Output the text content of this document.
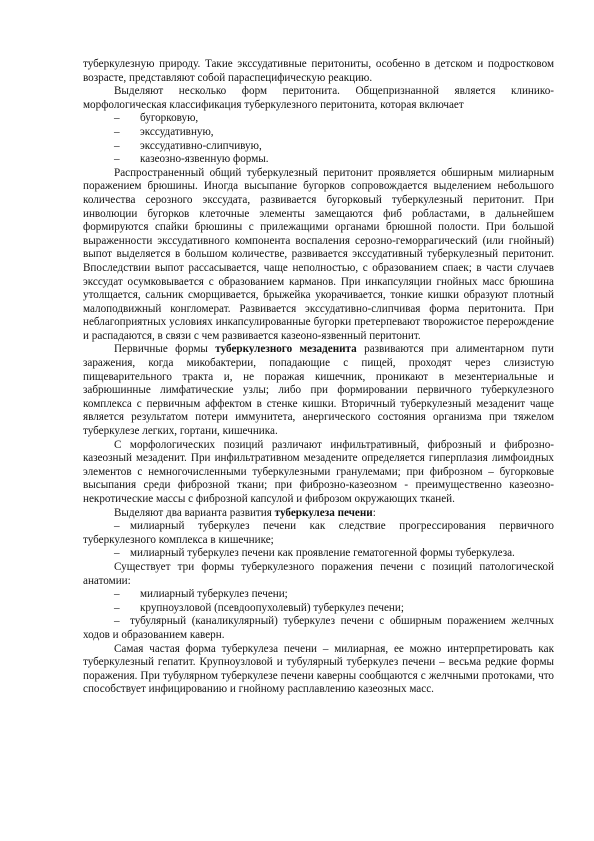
туберкулезную природу. Такие экссудативные перитониты, особенно в детском и подростковом возрасте, представляют собой параспецифическую реакцию.

Выделяют несколько форм перитонита. Общепризнанной является клинико-морфологическая классификация туберкулезного перитонита, которая включает

–	бугорковую,
–	экссудативную,
–	экссудативно-слипчивую,
–	казеозно-язвенную формы.

Распространенный общий туберкулезный перитонит проявляется обширным милиарным поражением брюшины. Иногда высыпание бугорков сопровождается выделением небольшого количества серозного экссудата, развивается бугорковый туберкулезный перитонит. При инволюции бугорков клеточные элементы замещаются фиб робластами, в дальнейшем формируются спайки брюшины с прилежащими органами брюшной полости. При большой выраженности экссудативного компонента воспаления серозно-геморрагический (или гнойный) выпот выделяется в большом количестве, развивается экссудативный туберкулезный перитонит. Впоследствии выпот рассасывается, чаще неполностью, с образованием спаек; в части случаев экссудат осумковывается с образованием карманов. При инкапсуляции гнойных масс брюшина утолщается, сальник сморщивается, брыжейка укорачивается, тонкие кишки образуют плотный малоподвижный конгломерат. Развивается экссудативно-слипчивая форма перитонита. При неблагоприятных условиях инкапсулированные бугорки претерпевают творожистое перерождение и распадаются, в связи с чем развивается казеоно-язвенный перитонит.

Первичные формы туберкулезного мезаденита развиваются при алиментарном пути заражения, когда микобактерии, попадающие с пищей, проходят через слизистую пищеварительного тракта и, не поражая кишечник, проникают в мезентериальные и забрюшинные лимфатические узлы; либо при формировании первичного туберкулезного комплекса с первичным аффектом в стенке кишки. Вторичный туберкулезный мезаденит чаще является результатом потери иммунитета, анергического состояния организма при тяжелом туберкулезе легких, гортани, кишечника.

С морфологических позиций различают инфильтративный, фиброзный и фиброзно-казеозный мезаденит. При инфильтративном мезадените определяется гиперплазия лимфоидных элементов с немногочисленными туберкулезными гранулемами; при фиброзном – бугорковые высыпания среди фиброзной ткани; при фиброзно-казеозном - преимущественно казеозно-некротические массы с фиброзной капсулой и фиброзом окружающих тканей.

Выделяют два варианта развития туберкулеза печени:

– милиарный туберкулез печени как следствие прогрессирования первичного туберкулезного комплекса в кишечнике;

– милиарный туберкулез печени как проявление гематогенной формы туберкулеза.

Существует три формы туберкулезного поражения печени с позиций патологической анатомии:

–	милиарный туберкулез печени;
–	крупноузловой (псевдоопухолевый) туберкулез печени;

– тубулярный (каналикулярный) туберкулез печени с обширным поражением желчных ходов и образованием каверн.

Самая частая форма туберкулеза печени – милиарная, ее можно интерпретировать как туберкулезный гепатит. Крупноузловой и тубулярный туберкулез печени – весьма редкие формы поражения. При тубулярном туберкулезе печени каверны сообщаются с желчными протоками, что способствует инфицированию и гнойному расплавлению казеозных масс.
